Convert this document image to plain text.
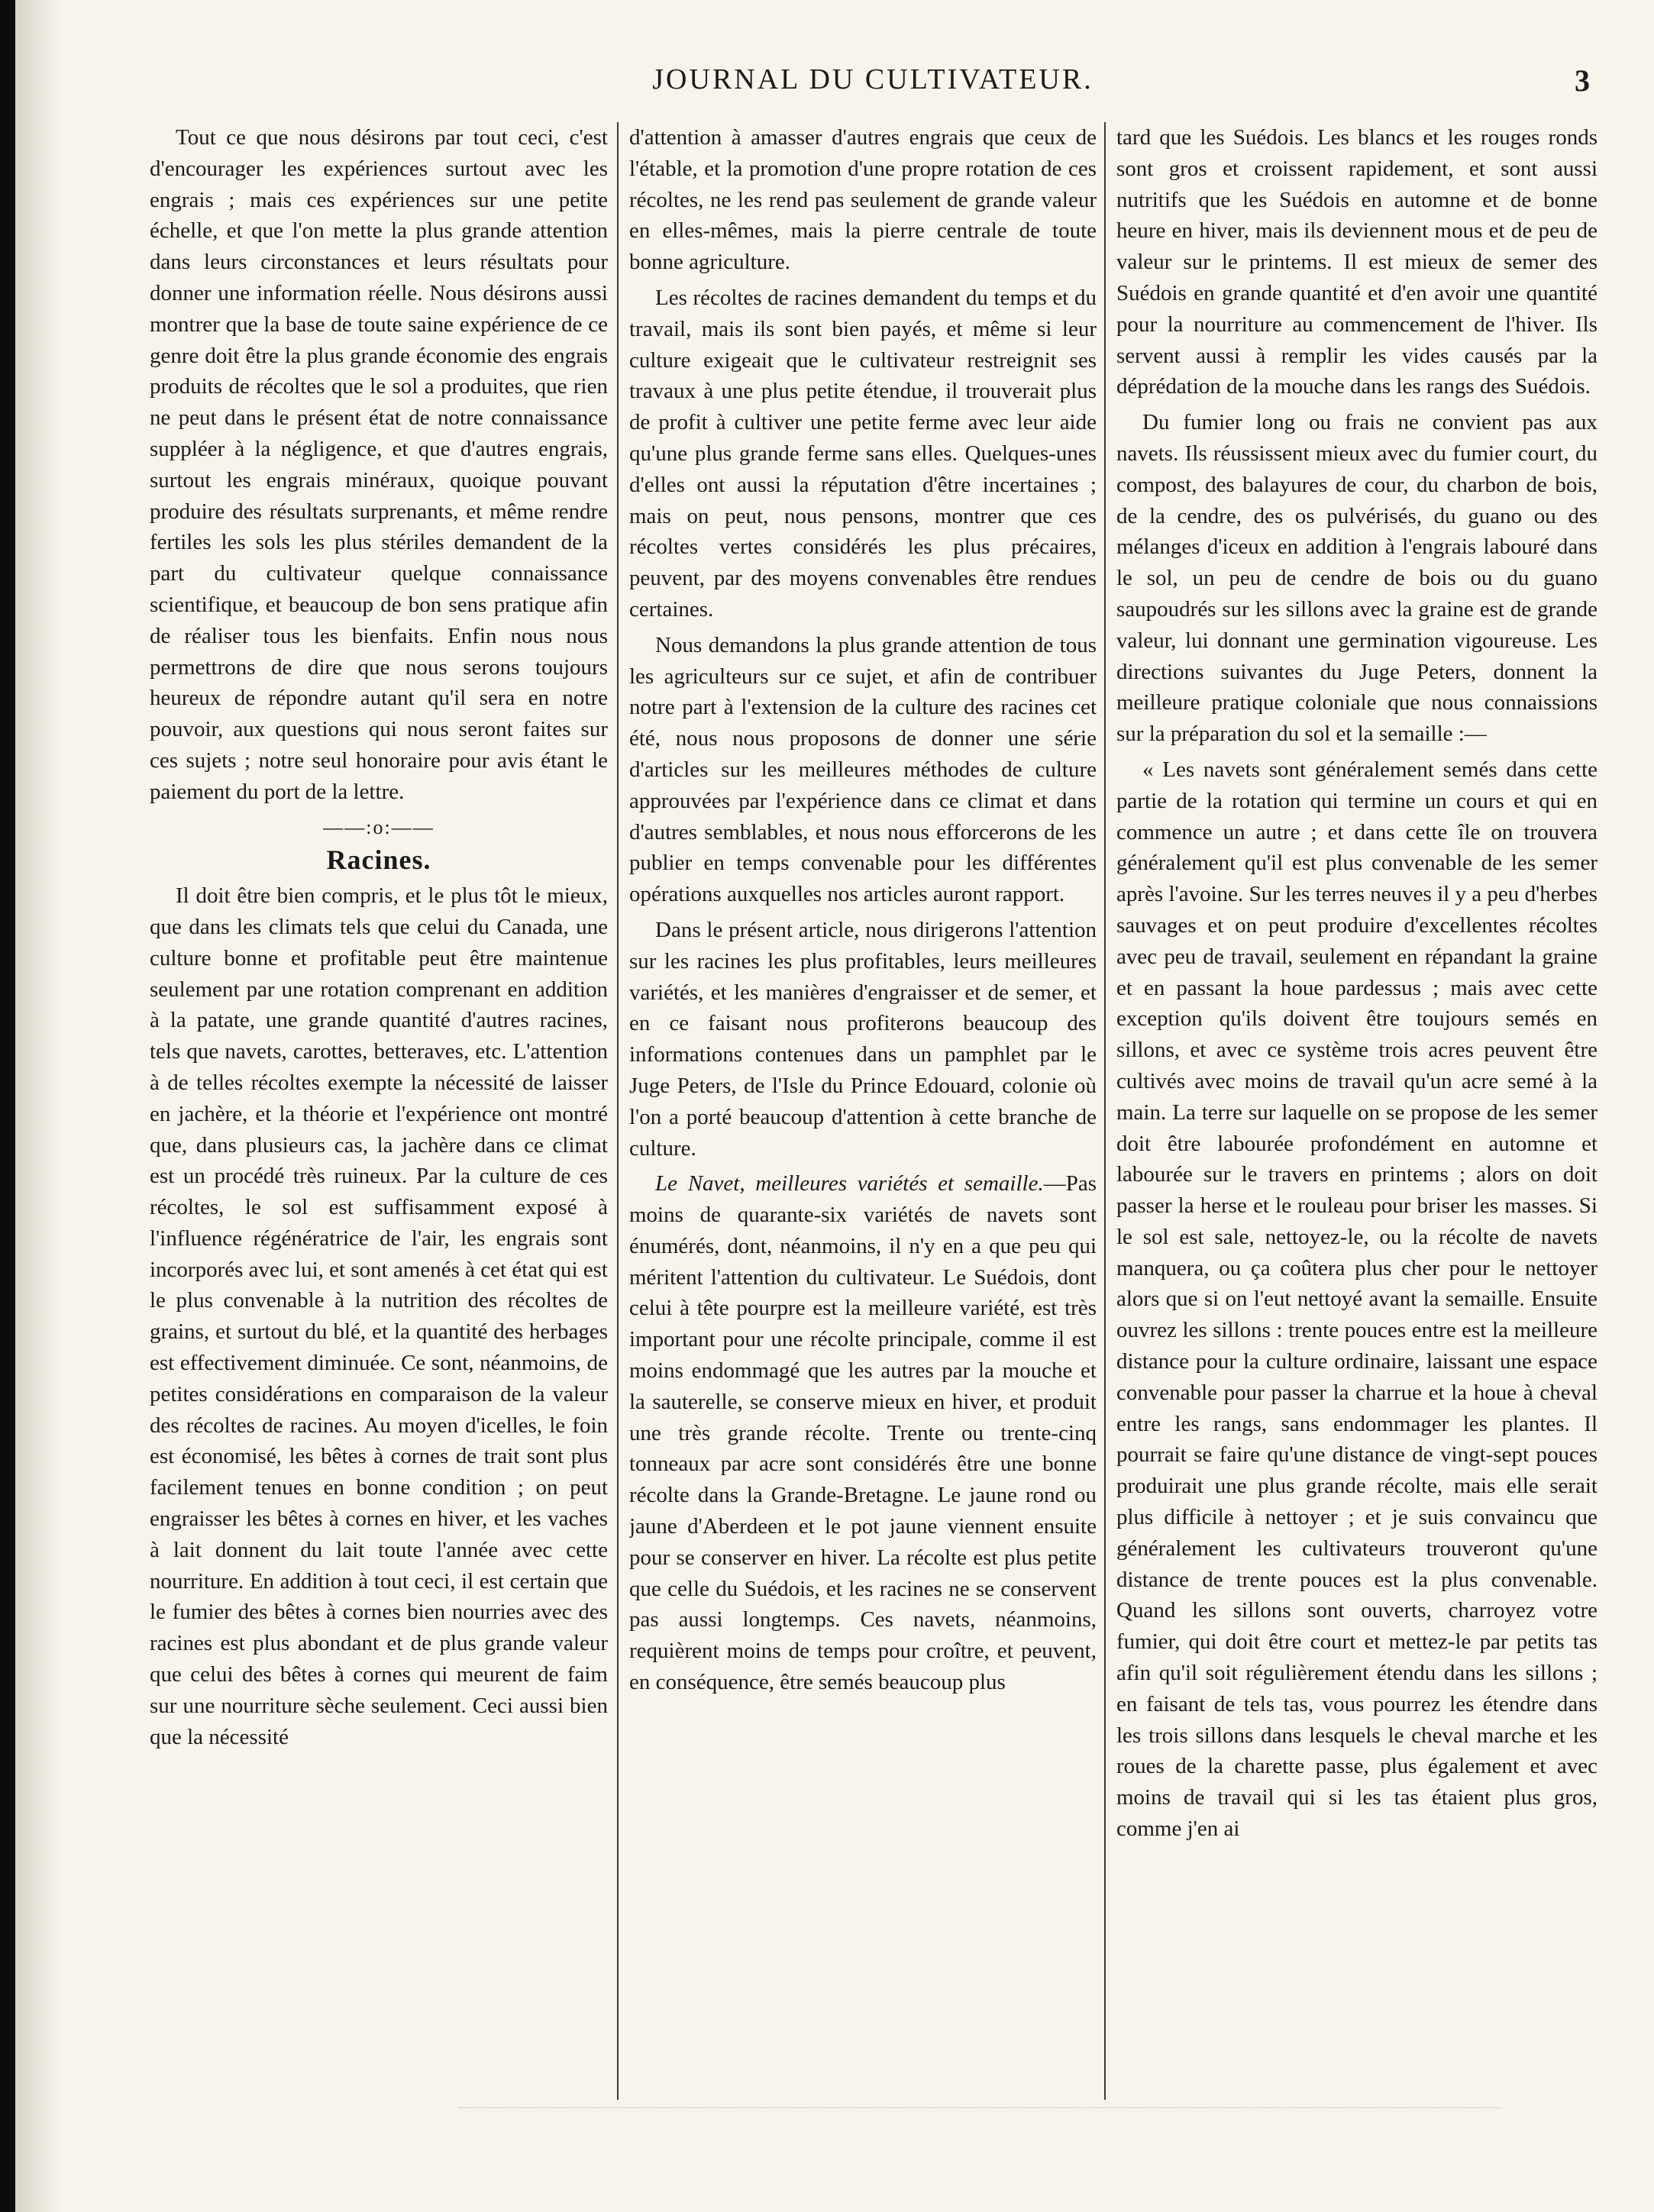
JOURNAL DU CULTIVATEUR.	3

Tout ce que nous désirons par tout ceci, c'est d'encourager les expériences surtout avec les engrais ; mais ces expériences sur une petite échelle, et que l'on mette la plus grande attention dans leurs circonstances et leurs résultats pour donner une information réelle. Nous désirons aussi montrer que la base de toute saine expérience de ce genre doit être la plus grande économie des engrais produits de récoltes que le sol a produites, que rien ne peut dans le présent état de notre connaissance suppléer à la négligence, et que d'autres engrais, surtout les engrais minéraux, quoique pouvant produire des résultats surprenants, et même rendre fertiles les sols les plus stériles demandent de la part du cultivateur quelque connaissance scientifique, et beaucoup de bon sens pratique afin de réaliser tous les bienfaits. Enfin nous nous permettrons de dire que nous serons toujours heureux de répondre autant qu'il sera en notre pouvoir, aux questions qui nous seront faites sur ces sujets ; notre seul honoraire pour avis étant le paiement du port de la lettre.

——:o:——
Racines.

Il doit être bien compris, et le plus tôt le mieux, que dans les climats tels que celui du Canada, une culture bonne et profitable peut être maintenue seulement par une rotation comprenant en addition à la patate, une grande quantité d'autres racines, tels que navets, carottes, betteraves, etc. L'attention à de telles récoltes exempte la nécessité de laisser en jachère, et la théorie et l'expérience ont montré que, dans plusieurs cas, la jachère dans ce climat est un procédé très ruineux. Par la culture de ces récoltes, le sol est suffisamment exposé à l'influence régénératrice de l'air, les engrais sont incorporés avec lui, et sont amenés à cet état qui est le plus convenable à la nutrition des récoltes de grains, et surtout du blé, et la quantité des herbages est effectivement diminuée. Ce sont, néanmoins, de petites considérations en comparaison de la valeur des récoltes de racines. Au moyen d'icelles, le foin est économisé, les bêtes à cornes de trait sont plus facilement tenues en bonne condition ; on peut engraisser les bêtes à cornes en hiver, et les vaches à lait donnent du lait toute l'année avec cette nourriture. En addition à tout ceci, il est certain que le fumier des bêtes à cornes bien nourries avec des racines est plus abondant et de plus grande valeur que celui des bêtes à cornes qui meurent de faim sur une nourriture sèche seulement. Ceci aussi bien que la nécessité

d'attention à amasser d'autres engrais que ceux de l'étable, et la promotion d'une propre rotation de ces récoltes, ne les rend pas seulement de grande valeur en elles-mêmes, mais la pierre centrale de toute bonne agriculture.

Les récoltes de racines demandent du temps et du travail, mais ils sont bien payés, et même si leur culture exigeait que le cultivateur restreignit ses travaux à une plus petite étendue, il trouverait plus de profit à cultiver une petite ferme avec leur aide qu'une plus grande ferme sans elles. Quelques-unes d'elles ont aussi la réputation d'être incertaines ; mais on peut, nous pensons, montrer que ces récoltes vertes considérés les plus précaires, peuvent, par des moyens convenables être rendues certaines.

Nous demandons la plus grande attention de tous les agriculteurs sur ce sujet, et afin de contribuer notre part à l'extension de la culture des racines cet été, nous nous proposons de donner une série d'articles sur les meilleures méthodes de culture approuvées par l'expérience dans ce climat et dans d'autres semblables, et nous nous efforcerons de les publier en temps convenable pour les différentes opérations auxquelles nos articles auront rapport.

Dans le présent article, nous dirigerons l'attention sur les racines les plus profitables, leurs meilleures variétés, et les manières d'engraisser et de semer, et en ce faisant nous profiterons beaucoup des informations contenues dans un pamphlet par le Juge Peters, de l'Isle du Prince Edouard, colonie où l'on a porté beaucoup d'attention à cette branche de culture.

Le Navet, meilleures variétés et semaille.—Pas moins de quarante-six variétés de navets sont énumérés, dont, néanmoins, il n'y en a que peu qui méritent l'attention du cultivateur. Le Suédois, dont celui à tête pourpre est la meilleure variété, est très important pour une récolte principale, comme il est moins endommagé que les autres par la mouche et la sauterelle, se conserve mieux en hiver, et produit une très grande récolte. Trente ou trente-cinq tonneaux par acre sont considérés être une bonne récolte dans la Grande-Bretagne. Le jaune rond ou jaune d'Aberdeen et le pot jaune viennent ensuite pour se conserver en hiver. La récolte est plus petite que celle du Suédois, et les racines ne se conservent pas aussi longtemps. Ces navets, néanmoins, requièrent moins de temps pour croître, et peuvent, en conséquence, être semés beaucoup plus

tard que les Suédois. Les blancs et les rouges ronds sont gros et croissent rapidement, et sont aussi nutritifs que les Suédois en automne et de bonne heure en hiver, mais ils deviennent mous et de peu de valeur sur le printems. Il est mieux de semer des Suédois en grande quantité et d'en avoir une quantité pour la nourriture au commencement de l'hiver. Ils servent aussi à remplir les vides causés par la déprédation de la mouche dans les rangs des Suédois.

Du fumier long ou frais ne convient pas aux navets. Ils réussissent mieux avec du fumier court, du compost, des balayures de cour, du charbon de bois, de la cendre, des os pulvérisés, du guano ou des mélanges d'iceux en addition à l'engrais labouré dans le sol, un peu de cendre de bois ou du guano saupoudrés sur les sillons avec la graine est de grande valeur, lui donnant une germination vigoureuse. Les directions suivantes du Juge Peters, donnent la meilleure pratique coloniale que nous connaissions sur la préparation du sol et la semaille :—

« Les navets sont généralement semés dans cette partie de la rotation qui termine un cours et qui en commence un autre ; et dans cette île on trouvera généralement qu'il est plus convenable de les semer après l'avoine. Sur les terres neuves il y a peu d'herbes sauvages et on peut produire d'excellentes récoltes avec peu de travail, seulement en répandant la graine et en passant la houe pardessus ; mais avec cette exception qu'ils doivent être toujours semés en sillons, et avec ce système trois acres peuvent être cultivés avec moins de travail qu'un acre semé à la main. La terre sur laquelle on se propose de les semer doit être labourée profondément en automne et labourée sur le travers en printems ; alors on doit passer la herse et le rouleau pour briser les masses. Si le sol est sale, nettoyez-le, ou la récolte de navets manquera, ou ça coûtera plus cher pour le nettoyer alors que si on l'eut nettoyé avant la semaille. Ensuite ouvrez les sillons : trente pouces entre est la meilleure distance pour la culture ordinaire, laissant une espace convenable pour passer la charrue et la houe à cheval entre les rangs, sans endommager les plantes. Il pourrait se faire qu'une distance de vingt-sept pouces produirait une plus grande récolte, mais elle serait plus difficile à nettoyer ; et je suis convaincu que généralement les cultivateurs trouveront qu'une distance de trente pouces est la plus convenable. Quand les sillons sont ouverts, charroyez votre fumier, qui doit être court et mettez-le par petits tas afin qu'il soit régulièrement étendu dans les sillons ; en faisant de tels tas, vous pourrez les étendre dans les trois sillons dans lesquels le cheval marche et les roues de la charette passe, plus également et avec moins de travail qui si les tas étaient plus gros, comme j'en ai
